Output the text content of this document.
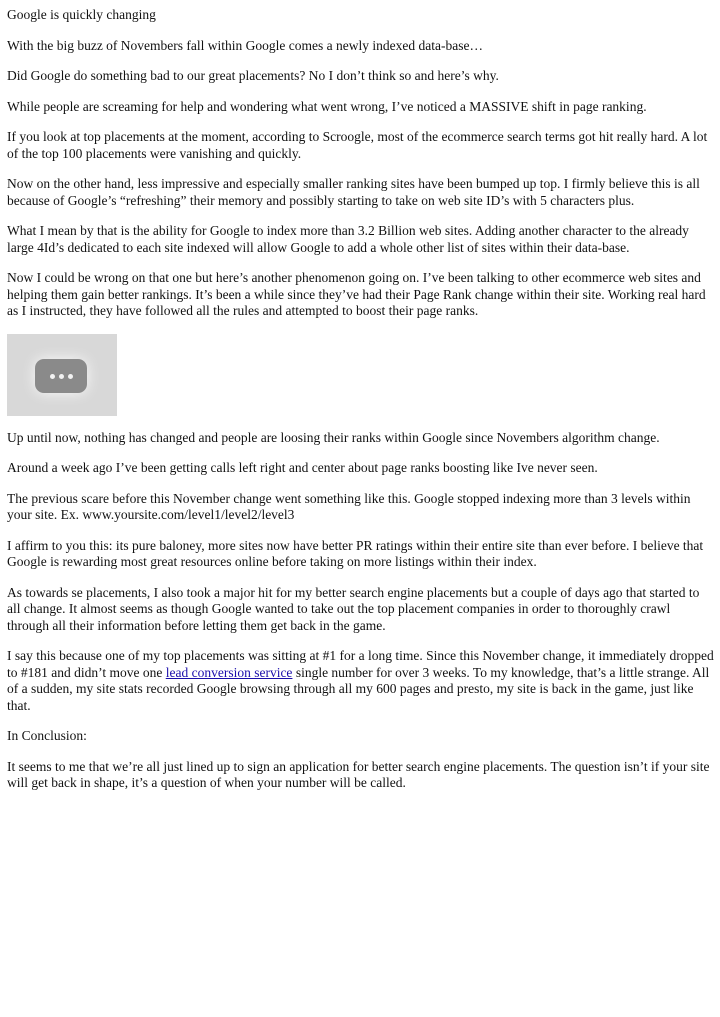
Google is quickly changing

With the big buzz of Novembers fall within Google comes a newly indexed data-base…

Did Google do something bad to our great placements? No I don’t think so and here’s why.

While people are screaming for help and wondering what went wrong, I’ve noticed a MASSIVE shift in page ranking.

If you look at top placements at the moment, according to Scroogle, most of the ecommerce search terms got hit really hard. A lot of the top 100 placements were vanishing and quickly.

Now on the other hand, less impressive and especially smaller ranking sites have been bumped up top. I firmly believe this is all because of Google’s “refreshing” their memory and possibly starting to take on web site ID’s with 5 characters plus.

What I mean by that is the ability for Google to index more than 3.2 Billion web sites. Adding another character to the already large 4Id’s dedicated to each site indexed will allow Google to add a whole other list of sites within their data-base.

Now I could be wrong on that one but here’s another phenomenon going on. I’ve been talking to other ecommerce web sites and helping them gain better rankings. It’s been a while since they’ve had their Page Rank change within their site. Working real hard as I instructed, they have followed all the rules and attempted to boost their page ranks.

Up until now, nothing has changed and people are loosing their ranks within Google since Novembers algorithm change.

Around a week ago I’ve been getting calls left right and center about page ranks boosting like Ive never seen.

The previous scare before this November change went something like this. Google stopped indexing more than 3 levels within your site. Ex. www.yoursite.com/level1/level2/level3

I affirm to you this: its pure baloney, more sites now have better PR ratings within their entire site than ever before. I believe that Google is rewarding most great resources online before taking on more listings within their index.

As towards se placements, I also took a major hit for my better search engine placements but a couple of days ago that started to all change. It almost seems as though Google wanted to take out the top placement companies in order to thoroughly crawl through all their information before letting them get back in the game.

I say this because one of my top placements was sitting at #1 for a long time. Since this November change, it immediately dropped to #181 and didn’t move one lead conversion service single number for over 3 weeks. To my knowledge, that’s a little strange. All of a sudden, my site stats recorded Google browsing through all my 600 pages and presto, my site is back in the game, just like that.

In Conclusion:

It seems to me that we’re all just lined up to sign an application for better search engine placements. The question isn’t if your site will get back in shape, it’s a question of when your number will be called.
